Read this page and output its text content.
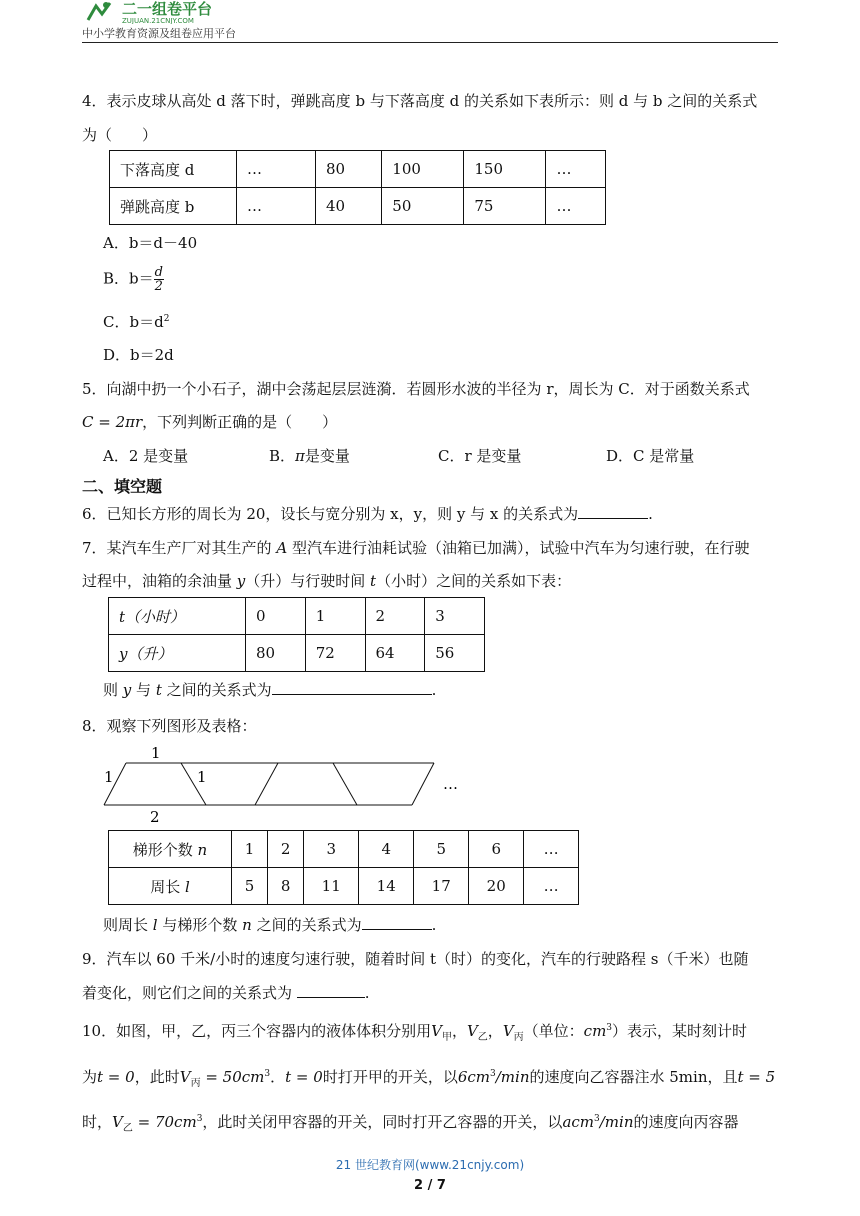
二一组卷平台
ZUJUAN.21CNJY.COM
中小学教育资源及组卷应用平台
4．表示皮球从高处 d 落下时，弹跳高度 b 与下落高度 d 的关系如下表所示：则 d 与 b 之间的关系式
为（　　）
下落高度 d	…	80	100	150	…
弹跳高度 b	…	40	50	75	…
A．b＝d－40
B．$b= \frac{d}{2}$
C．$b=d^2$
D．b＝2d
5．向湖中扔一个小石子，湖中会荡起层层涟漪．若圆形水波的半径为 r，周长为 C．对于函数关系式
C = 2πr，下列判断正确的是（　　）
A．2 是变量	B．π是变量	C．r 是变量	D．C 是常量
二、填空题
6．已知长方形的周长为 20，设长与宽分别为 x，y，则 y 与 x 的关系式为	.
7．某汽车生产厂对其生产的 A 型汽车进行油耗试验（油箱已加满），试验中汽车为匀速行驶，在行驶
过程中，油箱的余油量 y（升）与行驶时间 t（小时）之间的关系如下表：
t（小时）	0	1	2	3
y（升）	80	72	64	56
则 y 与 t 之间的关系式为	.
8．观察下列图形及表格：
1
1	1
2
…
梯形个数 n	1	2	3	4	5	6	…
周长 l	5	8	11	14	17	20	…
则周长 l 与梯形个数 n 之间的关系式为	.
9．汽车以 60 千米/小时的速度匀速行驶，随着时间 t（时）的变化，汽车的行驶路程 s（千米）也随
着变化，则它们之间的关系式为	.
10．如图，甲，乙，丙三个容器内的液体体积分别用$V_甲$，$V_乙$，$V_丙$（单位：$cm^3$）表示，某时刻计时
为t = 0，此时$V_丙 = 50cm^3$．t = 0时打开甲的开关，以$6cm^3/\min$的速度向乙容器注水 5min，且t = 5
时，$V_乙 = 70cm^3$，此时关闭甲容器的开关，同时打开乙容器的开关，以acm$^3$/min的速度向丙容器
21 世纪教育网(www.21cnjy.com)
2 / 7
